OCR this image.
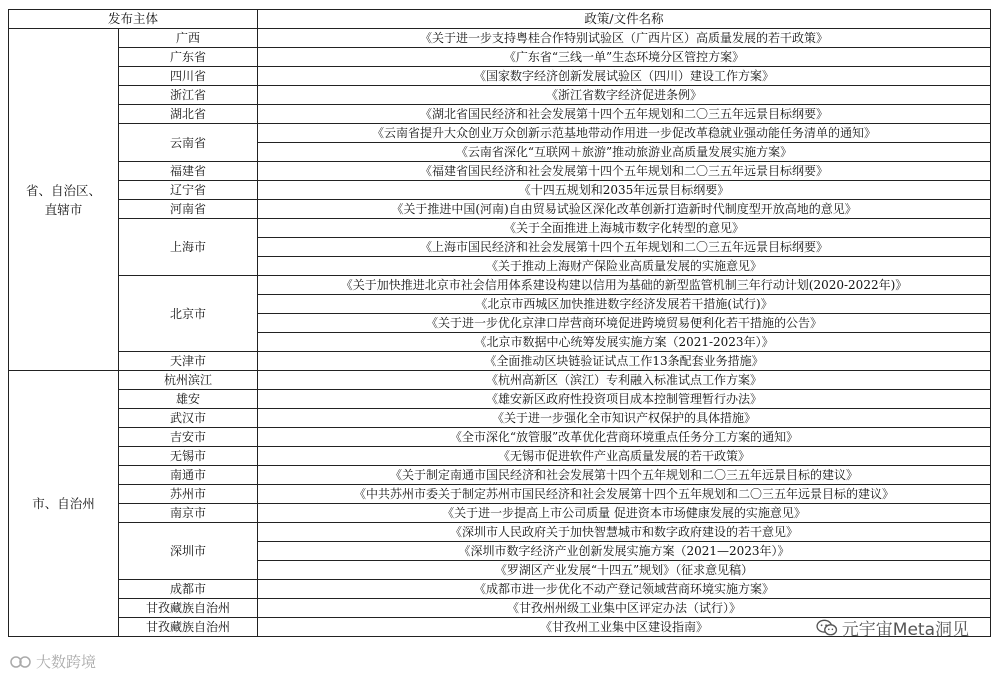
发布主体		政策/文件名称
省、自治区、直辖市	广西	《关于进一步支持粤桂合作特别试验区（广西片区）高质量发展的若干政策》
	广东省	《广东省“三线一单”生态环境分区管控方案》
	四川省	《国家数字经济创新发展试验区（四川）建设工作方案》
	浙江省	《浙江省数字经济促进条例》
	湖北省	《湖北省国民经济和社会发展第十四个五年规划和二〇三五年远景目标纲要》
	云南省	《云南省提升大众创业万众创新示范基地带动作用进一步促改革稳就业强动能任务清单的通知》
		《云南省深化“互联网＋旅游”推动旅游业高质量发展实施方案》
	福建省	《福建省国民经济和社会发展第十四个五年规划和二〇三五年远景目标纲要》
	辽宁省	《十四五规划和2035年远景目标纲要》
	河南省	《关于推进中国(河南)自由贸易试验区深化改革创新打造新时代制度型开放高地的意见》
	上海市	《关于全面推进上海城市数字化转型的意见》
		《上海市国民经济和社会发展第十四个五年规划和二〇三五年远景目标纲要》
		《关于推动上海财产保险业高质量发展的实施意见》
	北京市	《关于加快推进北京市社会信用体系建设构建以信用为基础的新型监管机制三年行动计划(2020-2022年)》
		《北京市西城区加快推进数字经济发展若干措施(试行)》
		《关于进一步优化京津口岸营商环境促进跨境贸易便利化若干措施的公告》
		《北京市数据中心统筹发展实施方案（2021-2023年）》
	天津市	《全面推动区块链验证试点工作13条配套业务措施》
市、自治州	杭州滨江	《杭州高新区（滨江）专利融入标准试点工作方案》
	雄安	《雄安新区政府性投资项目成本控制管理暂行办法》
	武汉市	《关于进一步强化全市知识产权保护的具体措施》
	吉安市	《全市深化“放管服”改革优化营商环境重点任务分工方案的通知》
	无锡市	《无锡市促进软件产业高质量发展的若干政策》
	南通市	《关于制定南通市国民经济和社会发展第十四个五年规划和二〇三五年远景目标的建议》
	苏州市	《中共苏州市委关于制定苏州市国民经济和社会发展第十四个五年规划和二〇三五年远景目标的建议》
	南京市	《关于进一步提高上市公司质量 促进资本市场健康发展的实施意见》
	深圳市	《深圳市人民政府关于加快智慧城市和数字政府建设的若干意见》
		《深圳市数字经济产业创新发展实施方案（2021—2023年）》
		《罗湖区产业发展“十四五”规划》（征求意见稿）
	成都市	《成都市进一步优化不动产登记领域营商环境实施方案》
	甘孜藏族自治州	《甘孜州州级工业集中区评定办法（试行）》
	甘孜藏族自治州	《甘孜州工业集中区建设指南》	元宇宙Meta洞见
大数跨境
